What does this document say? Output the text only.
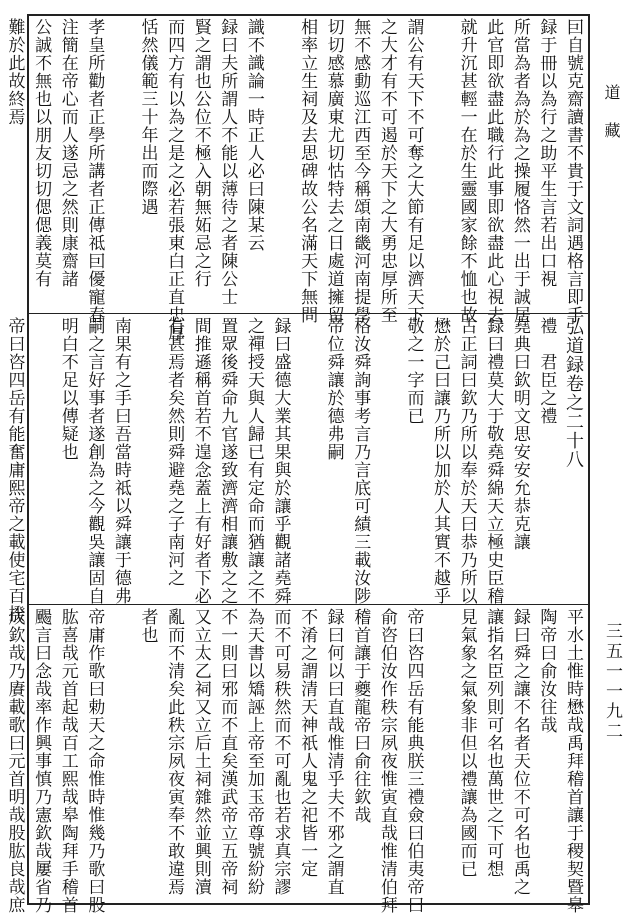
囙自號克齋讀書不貴于文詞遇格言即手
録于冊以為行之助平生言若出口視
所當為者為於為之操履恪然一出于誠居
此官即欲盡此職行此事即欲盡此心視去
就升沉甚輕一在於生靈國家餘不恤也故
謂公有天下不可奪之大節有足以濟天下
之大才有不可遏於天下之大勇忠厚所至
無不感動巡江西至今稱頌南畿河南提學
切切感慕廣東尤切怙特去之日處道擁留
相率立生祠及去思碑故公名滿天下無問
識不識論一時正人必曰陳某云
録曰夫所謂人不能以薄待之者陳公士
賢之謂也公位不極入朝無妬忌之行
而四方有以為之是之必若張東白正直忠厚
恬然儀範三十年出而際遇
孝皇所勸者正學所講者正傳祗囙優寵春
注簡在帝心而人遂忌之然則康齋諸
公誠不無也以朋友切切偲偲義莫有
難於此故終焉
弘道録卷之二十八
禮　君臣之禮
堯典曰欽明文思安安允恭克讓
録曰禮莫大于敬堯舜綿天立極史臣稽
古正詞曰欽乃所以奉於天曰恭乃所以
懋於己曰讓乃所以加於人其實不越乎
敬之一字而已
格汝舜詢事考言乃言底可績三載汝陟
帝位舜讓於德弗嗣
録曰盛德大業其果與於讓乎觀諸堯舜
之禪授天與人歸已有定命而猶讓之不
置眾後舜命九官遂致濟濟相讓敷之之
間推遜稱首若不遑念蓋上有好者下必
有甚焉者矣然則舜避堯之子南河之
南果有之手曰吾當時祗以舜讓于德弗
嗣之言好事者遂創為之今觀吳讓固自
明白不足以傳疑也
帝曰咨四岳有能奮庸熙帝之載使宅百揆
平水土惟時懋哉禹拜稽首讓于稷契暨皋
陶帝曰俞汝往哉
録曰舜之讓不名者天位不可名也禹之
讓指名臣列則可名也萬世之下可想
見氣象之氣象非但以禮讓為國而已
帝曰咨四岳有能典朕三禮僉曰伯夷帝曰
俞咨伯汝作秩宗夙夜惟寅直哉惟清伯拜
稽首讓于夔龍帝曰俞往欽哉
録曰何以曰直哉惟清乎夫不邪之謂直
不淆之謂清天神祇人鬼之祀皆一定
而不可易秩然而不可亂也若求真宗謬
為天書以矯誣上帝至加玉帝尊號紛紛
不一則曰邪而不直矣漢武帝立五帝祠
又立太乙祠又立后土祠雜然並興則瀆
亂而不清矣此秩宗夙夜寅奉不敢違焉
者也
帝庸作歌曰勅天之命惟時惟幾乃歌曰股
肱喜哉元首起哉百工熙哉皋陶拜手稽首
颺言曰念哉率作興事慎乃憲欽哉屢省乃
成欽哉乃賡載歌曰元首明哉股肱良哉庶
道藏
三五一一九二
